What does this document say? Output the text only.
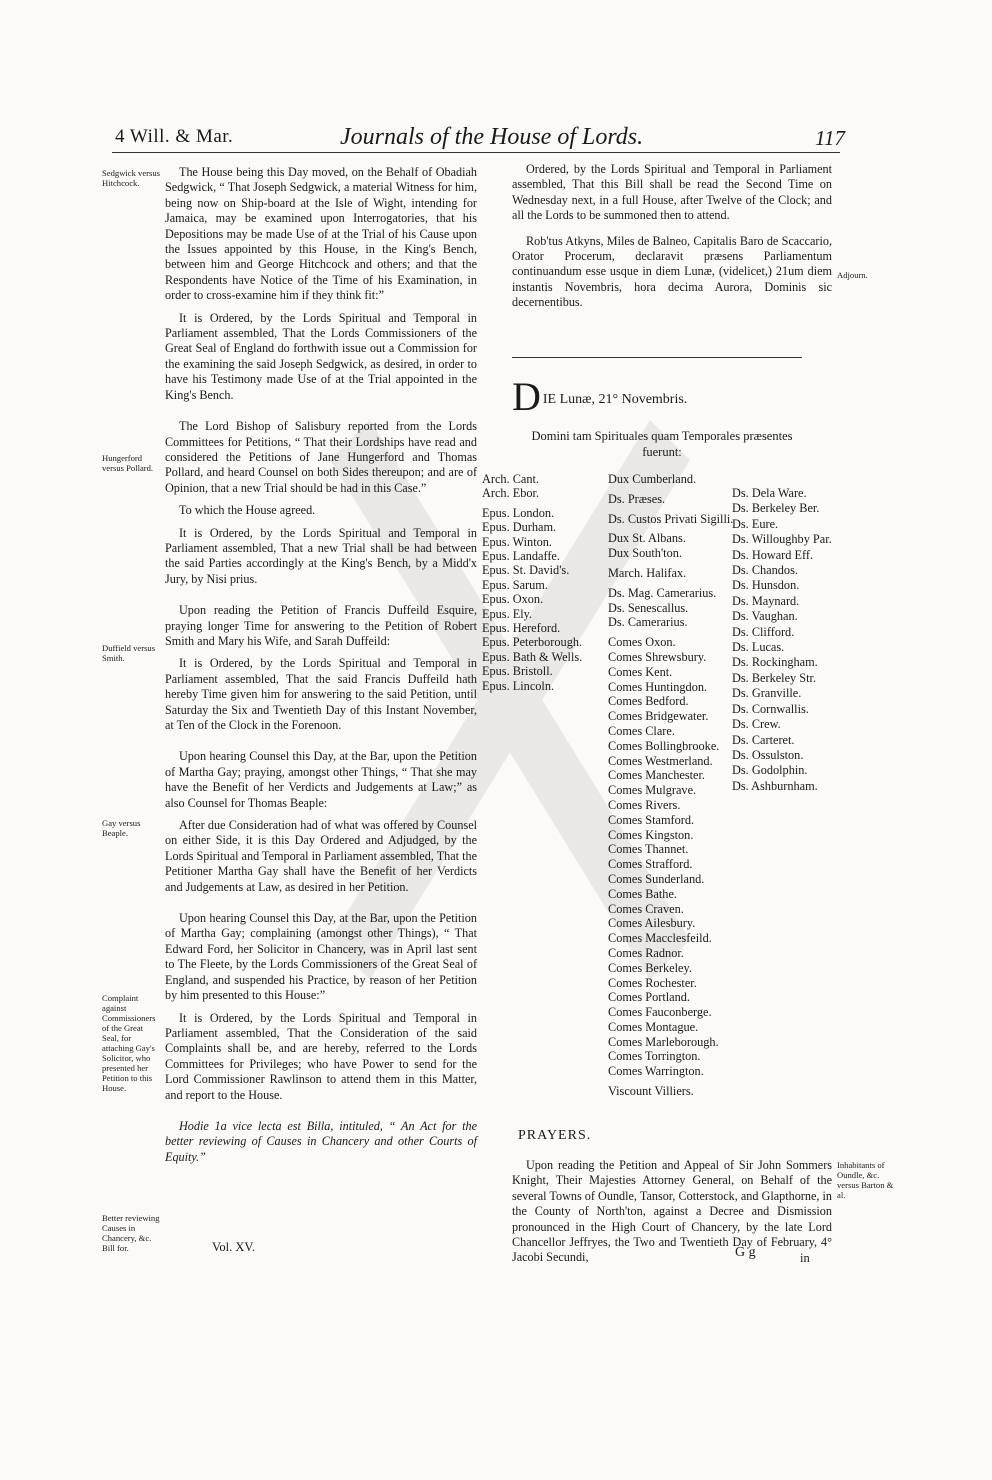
4 Will. & Mar.	Journals of the House of Lords.	117
Sedgwick versus Hitchcock.
Hungerford versus Pollard.
Duffield versus Smith.
Gay versus Beaple.
Complaint against Commissioners of the Great Seal, for attaching Gay's Solicitor, who presented her Petition to this House.
Better reviewing Causes in Chancery, &c. Bill for.

The House being this Day moved, on the Behalf of Obadiah Sedgwick, “ That Joseph Sedgwick, a material Witness for him, being now on Ship-board at the Isle of Wight, intending for Jamaica, may be examined upon Interrogatories, that his Depositions may be made Use of at the Trial of his Cause upon the Issues appointed by this House, in the King's Bench, between him and George Hitchcock and others; and that the Respondents have Notice of the Time of his Examination, in order to cross-examine him if they think fit:”

It is Ordered, by the Lords Spiritual and Temporal in Parliament assembled, That the Lords Commissioners of the Great Seal of England do forthwith issue out a Commission for the examining the said Joseph Sedgwick, as desired, in order to have his Testimony made Use of at the Trial appointed in the King's Bench.

The Lord Bishop of Salisbury reported from the Lords Committees for Petitions, “ That their Lordships have read and considered the Petitions of Jane Hungerford and Thomas Pollard, and heard Counsel on both Sides thereupon; and are of Opinion, that a new Trial should be had in this Case.”

To which the House agreed.

It is Ordered, by the Lords Spiritual and Temporal in Parliament assembled, That a new Trial shall be had between the said Parties accordingly at the King's Bench, by a Midd'x Jury, by Nisi prius.

Upon reading the Petition of Francis Duffeild Esquire, praying longer Time for answering to the Petition of Robert Smith and Mary his Wife, and Sarah Duffeild:

It is Ordered, by the Lords Spiritual and Temporal in Parliament assembled, That the said Francis Duffeild hath hereby Time given him for answering to the said Petition, until Saturday the Six and Twentieth Day of this Instant November, at Ten of the Clock in the Forenoon.

Upon hearing Counsel this Day, at the Bar, upon the Petition of Martha Gay; praying, amongst other Things, “ That she may have the Benefit of her Verdicts and Judgements at Law;” as also Counsel for Thomas Beaple:

After due Consideration had of what was offered by Counsel on either Side, it is this Day Ordered and Adjudged, by the Lords Spiritual and Temporal in Parliament assembled, That the Petitioner Martha Gay shall have the Benefit of her Verdicts and Judgements at Law, as desired in her Petition.

Upon hearing Counsel this Day, at the Bar, upon the Petition of Martha Gay; complaining (amongst other Things), “ That Edward Ford, her Solicitor in Chancery, was in April last sent to The Fleete, by the Lords Commissioners of the Great Seal of England, and suspended his Practice, by reason of her Petition by him presented to this House:”

It is Ordered, by the Lords Spiritual and Temporal in Parliament assembled, That the Consideration of the said Complaints shall be, and are hereby, referred to the Lords Committees for Privileges; who have Power to send for the Lord Commissioner Rawlinson to attend them in this Matter, and report to the House.

Hodie 1a vice lecta est Billa, intituled, “ An Act for the better reviewing of Causes in Chancery and other Courts of Equity.”

Ordered, by the Lords Spiritual and Temporal in Parliament assembled, That this Bill shall be read the Second Time on Wednesday next, in a full House, after Twelve of the Clock; and all the Lords to be summoned then to attend.

Rob'tus Atkyns, Miles de Balneo, Capitalis Baro de Scaccario, Orator Procerum, declaravit præsens Parliamentum continuandum esse usque in diem Lunæ, (videlicet,) 21um diem instantis Novembris, hora decima Aurora, Dominis sic decernentibus.

Adjourn.
D IE Lunæ, 21° Novembris.
Domini tam Spirituales quam Temporales præsentes fuerunt:
Arch. Cant.
Arch. Ebor.

Epus. London.
Epus. Durham.
Epus. Winton.
Epus. Landaffe.
Epus. St. David's.
Epus. Sarum.
Epus. Oxon.
Epus. Ely.
Epus. Hereford.
Epus. Peterborough.
Epus. Bath & Wells.
Epus. Bristoll.
Epus. Lincoln.
Dux Cumberland.

Ds. Præses.

Ds. Custos Privati Sigilli.

Dux St. Albans.
Dux South'ton.

March. Halifax.

Ds. Mag. Camerarius.
Ds. Senescallus.
Ds. Camerarius.

Comes Oxon.
Comes Shrewsbury.
Comes Kent.
Comes Huntingdon.
Comes Bedford.
Comes Bridgewater.
Comes Clare.
Comes Bollingbrooke.
Comes Westmerland.
Comes Manchester.
Comes Mulgrave.
Comes Rivers.
Comes Stamford.
Comes Kingston.
Comes Thannet.
Comes Strafford.
Comes Sunderland.
Comes Bathe.
Comes Craven.
Comes Ailesbury.
Comes Macclesfeild.
Comes Radnor.
Comes Berkeley.
Comes Rochester.
Comes Portland.
Comes Fauconberge.
Comes Montague.
Comes Marleborough.
Comes Torrington.
Comes Warrington.

Viscount Villiers.
Ds. Dela Ware.
Ds. Berkeley Ber.
Ds. Eure.
Ds. Willoughby Par.
Ds. Howard Eff.
Ds. Chandos.
Ds. Hunsdon.
Ds. Maynard.
Ds. Vaughan.
Ds. Clifford.
Ds. Lucas.
Ds. Rockingham.
Ds. Berkeley Str.
Ds. Granville.
Ds. Cornwallis.
Ds. Crew.
Ds. Carteret.
Ds. Ossulston.
Ds. Godolphin.
Ds. Ashburnham.
PRAYERS.
Upon reading the Petition and Appeal of Sir John Sommers Knight, Their Majesties Attorney General, on Behalf of the several Towns of Oundle, Tansor, Cotterstock, and Glapthorne, in the County of North'ton, against a Decree and Dismission pronounced in the High Court of Chancery, by the late Lord Chancellor Jeffryes, the Two and Twentieth Day of February, 4° Jacobi Secundi,
Inhabitants of Oundle, &c. versus Barton & al.
Vol. XV.	G g	in
